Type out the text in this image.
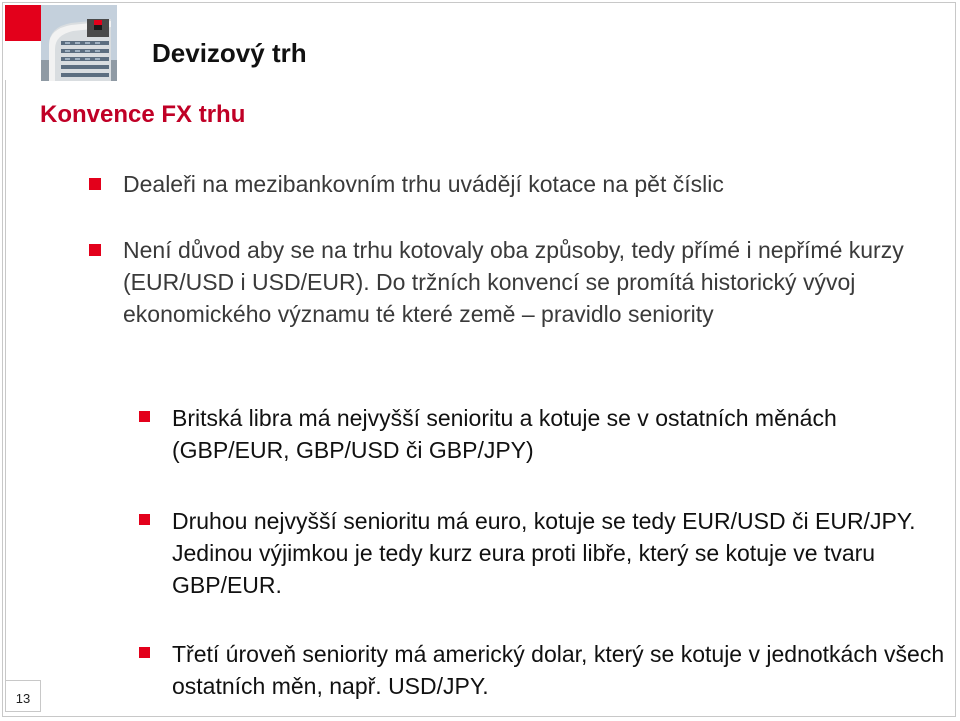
Devizový trh
Konvence FX trhu
Dealeři na mezibankovním trhu uvádějí kotace na pět číslic
Není důvod aby se na trhu kotovaly oba způsoby, tedy přímé i nepřímé kurzy (EUR/USD i USD/EUR). Do tržních konvencí se promítá historický vývoj ekonomického významu té které země – pravidlo seniority
Britská libra má nejvyšší senioritu a kotuje se v ostatních měnách (GBP/EUR, GBP/USD či GBP/JPY)
Druhou nejvyšší senioritu má euro, kotuje se tedy EUR/USD či EUR/JPY. Jedinou výjimkou je tedy kurz eura proti libře, který se kotuje ve tvaru GBP/EUR.
Třetí úroveň seniority má americký dolar, který se kotuje v jednotkách všech ostatních měn, např. USD/JPY.
13
